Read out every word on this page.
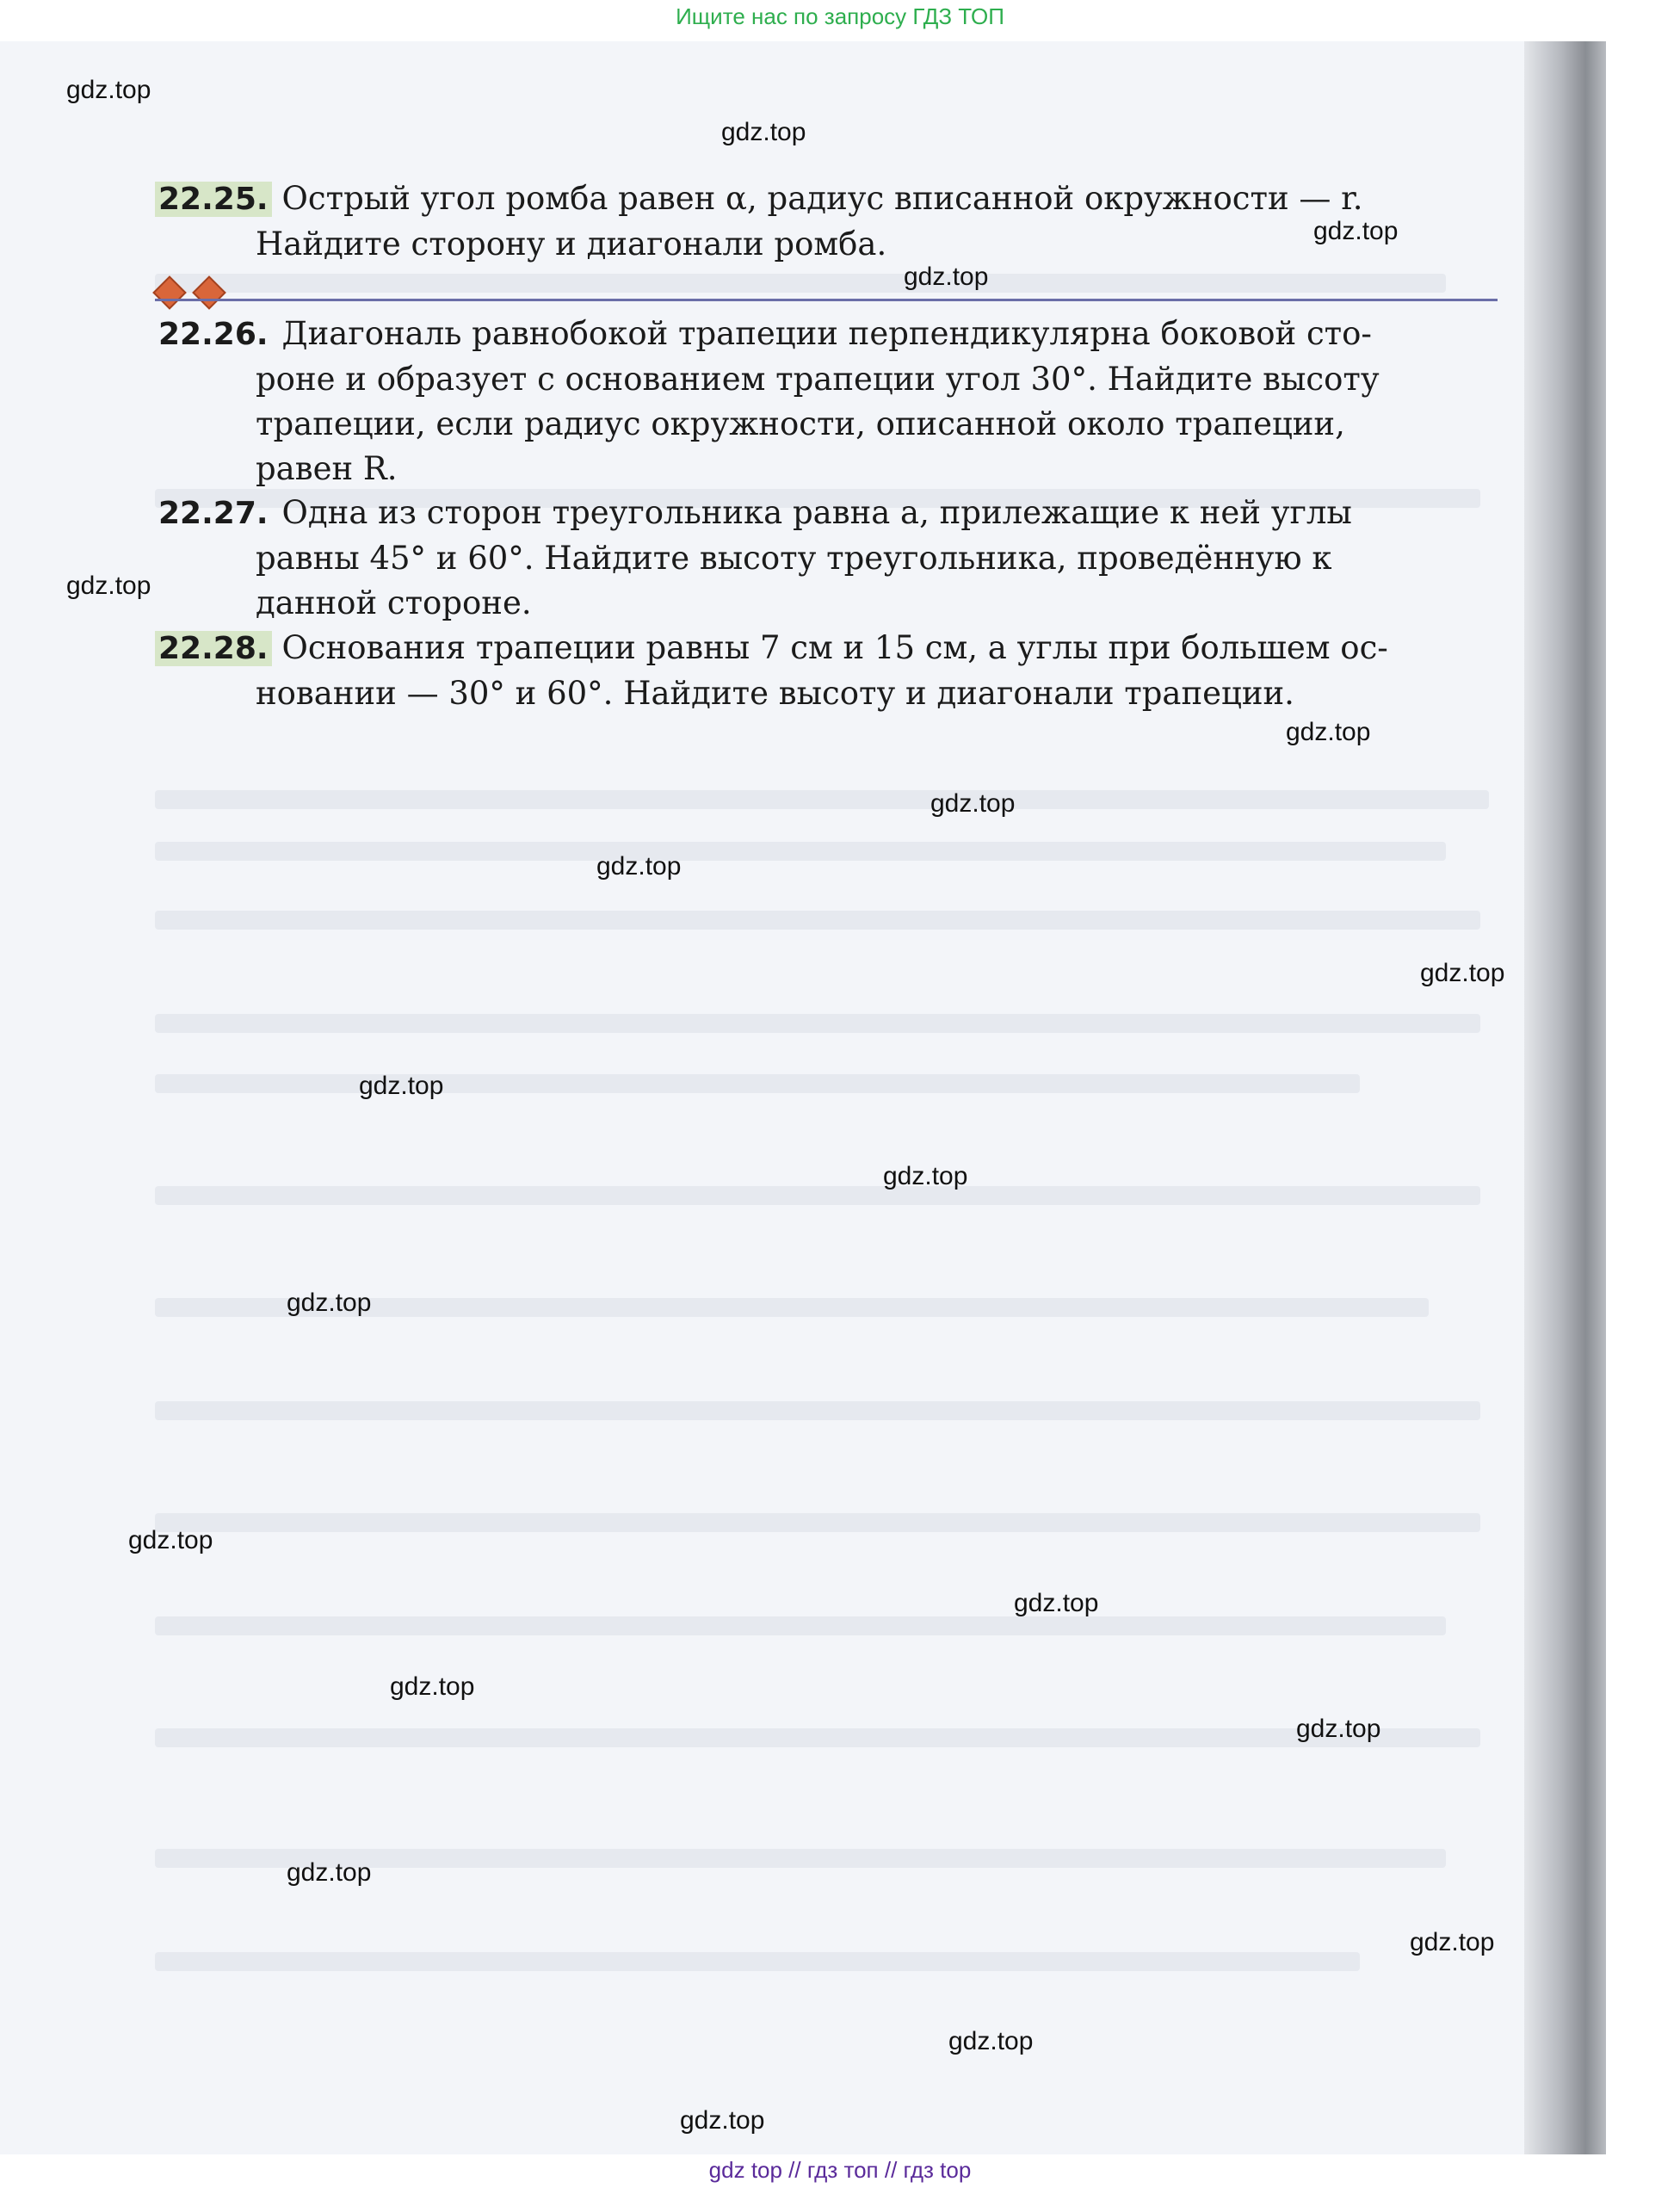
Ищите нас по запросу ГДЗ ТОП
22.25. Острый угол ромба равен α, радиус вписанной окружности — r.
Найдите сторону и диагонали ромба.
22.26. Диагональ равнобокой трапеции перпендикулярна боковой сто-
роне и образует с основанием трапеции угол 30°. Найдите высоту
трапеции, если радиус окружности, описанной около трапеции,
равен R.
22.27. Одна из сторон треугольника равна a, прилежащие к ней углы
равны 45° и 60°. Найдите высоту треугольника, проведённую к
данной стороне.
22.28. Основания трапеции равны 7 см и 15 см, а углы при большем ос-
новании — 30° и 60°. Найдите высоту и диагонали трапеции.
gdz.top
gdz.top
gdz.top
gdz.top
gdz.top
gdz.top
gdz.top
gdz.top
gdz.top
gdz.top
gdz.top
gdz.top
gdz.top
gdz.top
gdz.top
gdz.top
gdz.top
gdz.top
gdz.top
gdz.top
gdz top // гдз топ // гдз top
